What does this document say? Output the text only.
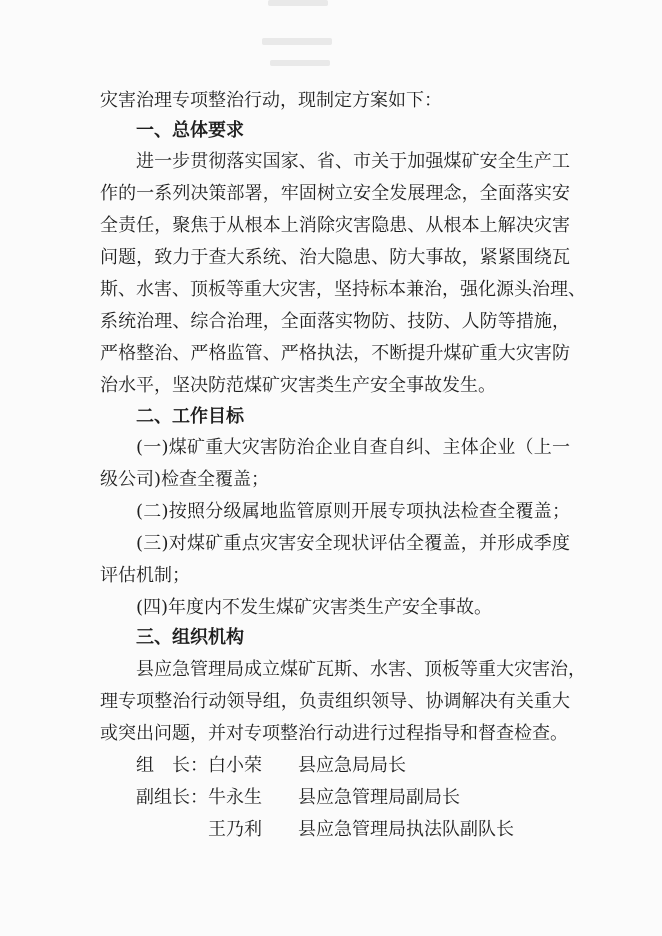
灾害治理专项整治行动，现制定方案如下：
一、总体要求
进一步贯彻落实国家、省、市关于加强煤矿安全生产工
作的一系列决策部署，牢固树立安全发展理念，全面落实安
全责任，聚焦于从根本上消除灾害隐患、从根本上解决灾害
问题，致力于查大系统、治大隐患、防大事故，紧紧围绕瓦
斯、水害、顶板等重大灾害，坚持标本兼治，强化源头治理、
系统治理、综合治理，全面落实物防、技防、人防等措施，
严格整治、严格监管、严格执法，不断提升煤矿重大灾害防
治水平，坚决防范煤矿灾害类生产安全事故发生。
二、工作目标
(一)煤矿重大灾害防治企业自查自纠、主体企业（上一
级公司)检查全覆盖；
(二)按照分级属地监管原则开展专项执法检查全覆盖；
(三)对煤矿重点灾害安全现状评估全覆盖，并形成季度
评估机制；
(四)年度内不发生煤矿灾害类生产安全事故。
三、组织机构
县应急管理局成立煤矿瓦斯、水害、顶板等重大灾害治，
理专项整治行动领导组，负责组织领导、协调解决有关重大
或突出问题，并对专项整治行动进行过程指导和督查检查。
组　长： 白小荣 县应急局局长
副组长： 牛永生 县应急管理局副局长
王乃利 县应急管理局执法队副队长
